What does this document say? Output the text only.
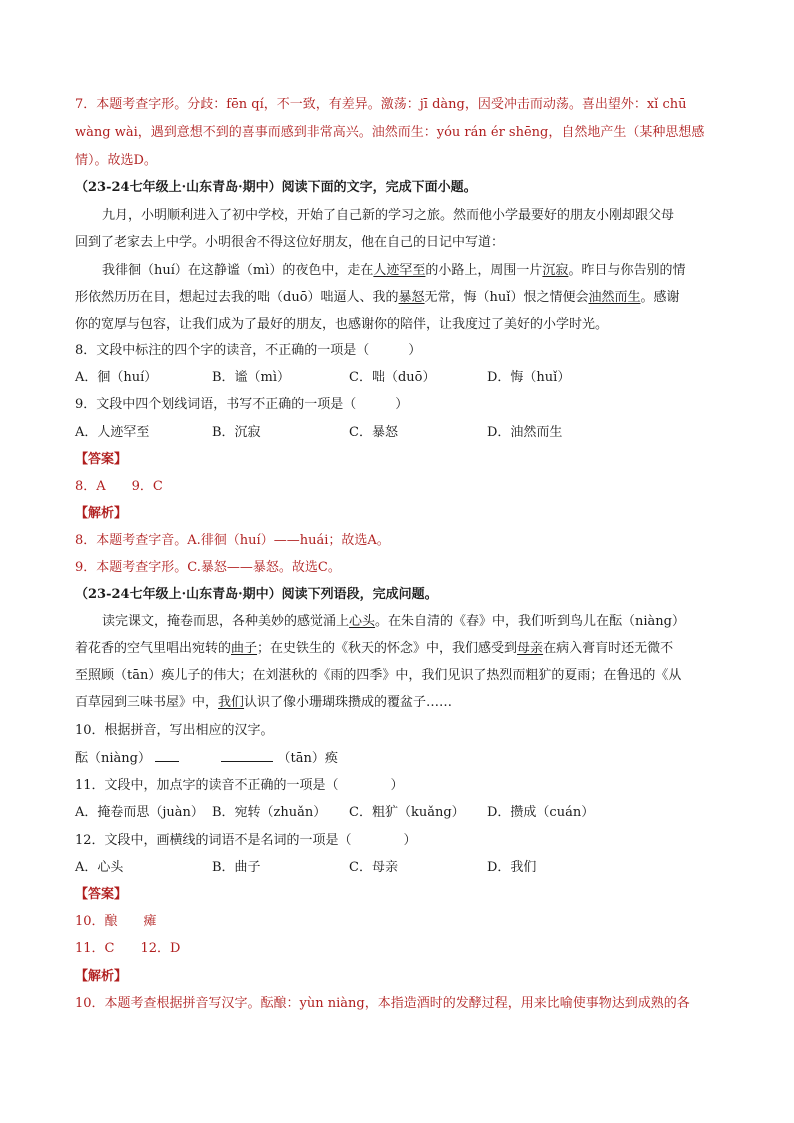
7．本题考查字形。分歧：fēn qí，不一致，有差异。激荡：jī dàng，因受冲击而动荡。喜出望外：xǐ chū
wàng wài，遇到意想不到的喜事而感到非常高兴。油然而生：yóu rán ér shēng，自然地产生（某种思想感
情）。故选D。
（23-24七年级上·山东青岛·期中）阅读下面的文字，完成下面小题。
九月，小明顺利进入了初中学校，开始了自己新的学习之旅。然而他小学最要好的朋友小刚却跟父母
回到了老家去上中学。小明很舍不得这位好朋友，他在自己的日记中写道：
我徘徊（huí）在这静谧（mì）的夜色中，走在人迹罕至的小路上，周围一片沉寂。昨日与你告别的情
形依然历历在目，想起过去我的咄（duō）咄逼人、我的暴怒无常，悔（huǐ）恨之情便会油然而生。感谢
你的宽厚与包容，让我们成为了最好的朋友，也感谢你的陪伴，让我度过了美好的小学时光。
8．文段中标注的四个字的读音，不正确的一项是（　　　）
A．徊（huí）	B．谧（mì）	C．咄（duō）	D．悔（huǐ）
9．文段中四个划线词语，书写不正确的一项是（　　　）
A．人迹罕至	B．沉寂	C．暴怒	D．油然而生
【答案】
8．A　　9．C
【解析】
8．本题考查字音。A.徘徊（huí）——huái；故选A。
9．本题考查字形。C.暴怒——暴怒。故选C。
（23-24七年级上·山东青岛·期中）阅读下列语段，完成问题。
读完课文，掩卷而思，各种美妙的感觉涌上心头。在朱自清的《春》中，我们听到鸟儿在酝（niàng）
着花香的空气里唱出宛转的曲子；在史铁生的《秋天的怀念》中，我们感受到母亲在病入膏肓时还无微不
至照顾（tān）痪儿子的伟大；在刘湛秋的《雨的四季》中，我们见识了热烈而粗犷的夏雨；在鲁迅的《从
百草园到三味书屋》中，我们认识了像小珊瑚珠攒成的覆盆子……
10．根据拼音，写出相应的汉字。
酝（niàng）	（tān）痪
11．文段中，加点字的读音不正确的一项是（　　　　）
A．掩卷而思（juàn） B．宛转（zhuǎn） C．粗犷（kuǎng） D．攒成（cuán）
12．文段中，画横线的词语不是名词的一项是（　　　　）
A．心头	B．曲子	C．母亲	D．我们
【答案】
10．酿　　瘫
11．C　　12．D
【解析】
10．本题考查根据拼音写汉字。酝酿：yùn niàng，本指造酒时的发酵过程，用来比喻使事物达到成熟的各
